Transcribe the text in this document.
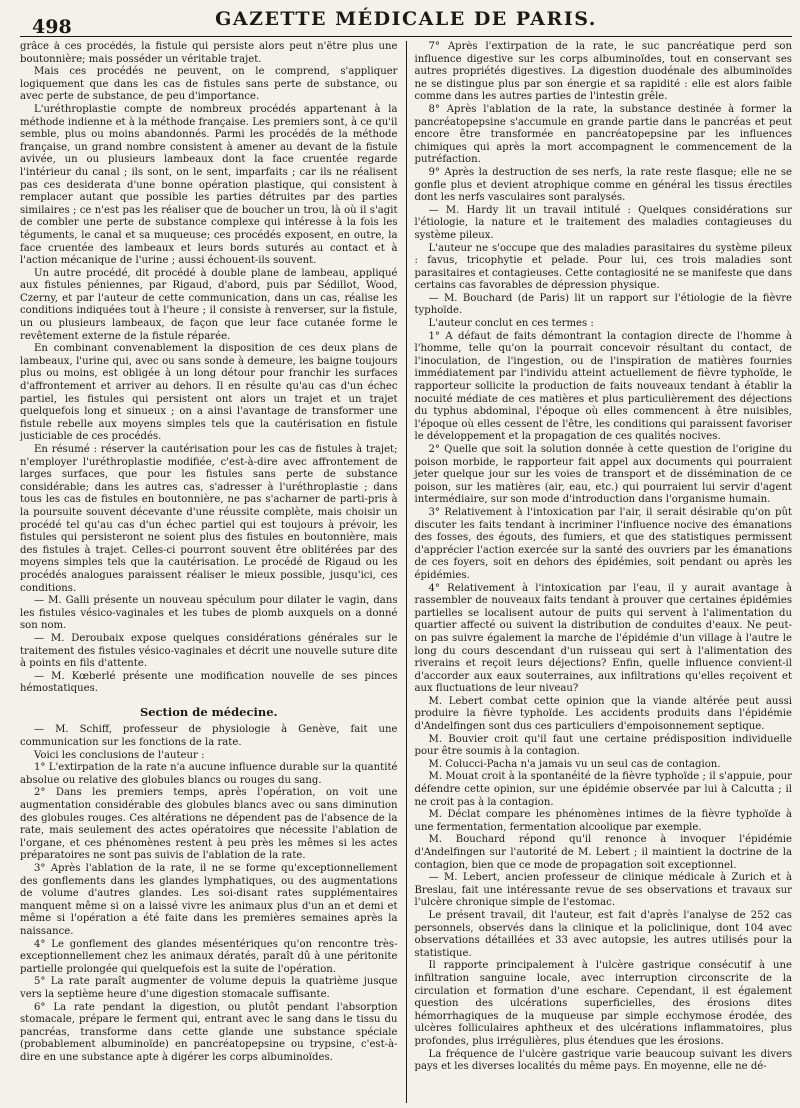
498	GAZETTE MÉDICALE DE PARIS.

grâce à ces procédés, la fistule qui persiste alors peut n'être plus une boutonnière; mais posséder un véritable trajet.

Mais ces procédés ne peuvent, on le comprend, s'appliquer logiquement que dans les cas de fistules sans perte de substance, ou avec perte de substance, de peu d'importance.

L'uréthroplastie compte de nombreux procédés appartenant à la méthode indienne et à la méthode française. Les premiers sont, à ce qu'il semble, plus ou moins abandonnés. Parmi les procédés de la méthode française, un grand nombre consistent à amener au devant de la fistule avivée, un ou plusieurs lambeaux dont la face cruentée regarde l'intérieur du canal ; ils sont, on le sent, imparfaits ; car ils ne réalisent pas ces desiderata d'une bonne opération plastique, qui consistent à remplacer autant que possible les parties détruites par des parties similaires ; ce n'est pas les réaliser que de boucher un trou, là où il s'agit de combler une perte de substance complexe qui intéresse à la fois les téguments, le canal et sa muqueuse; ces procédés exposent, en outre, la face cruentée des lambeaux et leurs bords suturés au contact et à l'action mécanique de l'urine ; aussi échouent-ils souvent.

Un autre procédé, dit procédé à double plane de lambeau, appliqué aux fistules péniennes, par Rigaud, d'abord, puis par Sédillot, Wood, Czerny, et par l'auteur de cette communication, dans un cas, réalise les conditions indiquées tout à l'heure ; il consiste à renverser, sur la fistule, un ou plusieurs lambeaux, de façon que leur face cutanée forme le revêtement externe de la fistule réparée.

En combinant convenablement la disposition de ces deux plans de lambeaux, l'urine qui, avec ou sans sonde à demeure, les baigne toujours plus ou moins, est obligée à un long détour pour franchir les surfaces d'affrontement et arriver au dehors. Il en résulte qu'au cas d'un échec partiel, les fistules qui persistent ont alors un trajet et un trajet quelquefois long et sinueux ; on a ainsi l'avantage de transformer une fistule rebelle aux moyens simples tels que la cautérisation en fistule justiciable de ces procédés.

En résumé : réserver la cautérisation pour les cas de fistules à trajet; n'employer l'uréthroplastie modifiée, c'est-à-dire avec affrontement de larges surfaces, que pour les fistules sans perte de substance considérable; dans les autres cas, s'adresser à l'uréthroplastie ; dans tous les cas de fistules en boutonnière, ne pas s'acharner de parti-pris à la poursuite souvent décevante d'une réussite complète, mais choisir un procédé tel qu'au cas d'un échec partiel qui est toujours à prévoir, les fistules qui persisteront ne soient plus des fistules en boutonnière, mais des fistules à trajet. Celles-ci pourront souvent être oblitérées par des moyens simples tels que la cautérisation. Le procédé de Rigaud ou les procédés analogues paraissent réaliser le mieux possible, jusqu'ici, ces conditions.

— M. Galli présente un nouveau spéculum pour dilater le vagin, dans les fistules vésico-vaginales et les tubes de plomb auxquels on a donné son nom.

— M. Deroubaix expose quelques considérations générales sur le traitement des fistules vésico-vaginales et décrit une nouvelle suture dite à points en fils d'attente.

— M. Kœberlé présente une modification nouvelle de ses pinces hémostatiques.

Section de médecine.

— M. Schiff, professeur de physiologie à Genève, fait une communication sur les fonctions de la rate.

Voici les conclusions de l'auteur :

1° L'extirpation de la rate n'a aucune influence durable sur la quantité absolue ou relative des globules blancs ou rouges du sang.

2° Dans les premiers temps, après l'opération, on voit une augmentation considérable des globules blancs avec ou sans diminution des globules rouges. Ces altérations ne dépendent pas de l'absence de la rate, mais seulement des actes opératoires que nécessite l'ablation de l'organe, et ces phénomènes restent à peu près les mêmes si les actes préparatoires ne sont pas suivis de l'ablation de la rate.

3° Après l'ablation de la rate, il ne se forme qu'exceptionnellement des gonflements dans les glandes lymphatiques, ou des augmentations de volume d'autres glandes. Les soi-disant rates supplémentaires manquent même si on a laissé vivre les animaux plus d'un an et demi et même si l'opération a été faite dans les premières semaines après la naissance.

4° Le gonflement des glandes mésentériques qu'on rencontre très-exceptionnellement chez les animaux dératés, paraît dû à une péritonite partielle prolongée qui quelquefois est la suite de l'opération.

5° La rate paraît augmenter de volume depuis la quatrième jusque vers la septième heure d'une digestion stomacale suffisante.

6° La rate pendant la digestion, ou plutôt pendant l'absorption stomacale, prépare le ferment qui, entrant avec le sang dans le tissu du pancréas, transforme dans cette glande une substance spéciale (probablement albuminoïde) en pancréatopepsine ou trypsine, c'est-à-dire en une substance apte à digérer les corps albuminoïdes.

7° Après l'extirpation de la rate, le suc pancréatique perd son influence digestive sur les corps albuminoïdes, tout en conservant ses autres propriétés digestives. La digestion duodénale des albuminoïdes ne se distingue plus par son énergie et sa rapidité : elle est alors faible comme dans les autres parties de l'intestin grêle.

8° Après l'ablation de la rate, la substance destinée à former la pancréatopepsine s'accumule en grande partie dans le pancréas et peut encore être transformée en pancréatopepsine par les influences chimiques qui après la mort accompagnent le commencement de la putréfaction.

9° Après la destruction de ses nerfs, la rate reste flasque; elle ne se gonfle plus et devient atrophique comme en général les tissus érectiles dont les nerfs vasculaires sont paralysés.

— M. Hardy lit un travail intitulé : Quelques considérations sur l'étiologie, la nature et le traitement des maladies contagieuses du système pileux.

L'auteur ne s'occupe que des maladies parasitaires du système pileux : favus, tricophytie et pelade. Pour lui, ces trois maladies sont parasitaires et contagieuses. Cette contagiosité ne se manifeste que dans certains cas favorables de dépression physique.

— M. Bouchard (de Paris) lit un rapport sur l'étiologie de la fièvre typhoïde.

L'auteur conclut en ces termes :

1° A défaut de faits démontrant la contagion directe de l'homme à l'homme, telle qu'on la pourrait concevoir résultant du contact, de l'inoculation, de l'ingestion, ou de l'inspiration de matières fournies immédiatement par l'individu atteint actuellement de fièvre typhoïde, le rapporteur sollicite la production de faits nouveaux tendant à établir la nocuité médiate de ces matières et plus particulièrement des déjections du typhus abdominal, l'époque où elles commencent à être nuisibles, l'époque où elles cessent de l'être, les conditions qui paraissent favoriser le développement et la propagation de ces qualités nocives.

2° Quelle que soit la solution donnée à cette question de l'origine du poison morbide, le rapporteur fait appel aux documents qui pourraient jeter quelque jour sur les voies de transport et de dissémination de ce poison, sur les matières (air, eau, etc.) qui pourraient lui servir d'agent intermédiaire, sur son mode d'introduction dans l'organisme humain.

3° Relativement à l'intoxication par l'air, il serait désirable qu'on pût discuter les faits tendant à incriminer l'influence nocive des émanations des fosses, des égouts, des fumiers, et que des statistiques permissent d'apprécier l'action exercée sur la santé des ouvriers par les émanations de ces foyers, soit en dehors des épidémies, soit pendant ou après les épidémies.

4° Relativement à l'intoxication par l'eau, il y aurait avantage à rassembler de nouveaux faits tendant à prouver que certaines épidémies partielles se localisent autour de puits qui servent à l'alimentation du quartier affecté ou suivent la distribution de conduites d'eaux. Ne peut-on pas suivre également la marche de l'épidémie d'un village à l'autre le long du cours descendant d'un ruisseau qui sert à l'alimentation des riverains et reçoit leurs déjections? Enfin, quelle influence convient-il d'accorder aux eaux souterraines, aux infiltrations qu'elles reçoivent et aux fluctuations de leur niveau?

M. Lebert combat cette opinion que la viande altérée peut aussi produire la fièvre typhoïde. Les accidents produits dans l'épidémie d'Andelfingen sont dus ces particuliers d'empoisonnement septique.

M. Bouvier croit qu'il faut une certaine prédisposition individuelle pour être soumis à la contagion.

M. Colucci-Pacha n'a jamais vu un seul cas de contagion.

M. Mouat croit à la spontanéité de la fièvre typhoïde ; il s'appuie, pour défendre cette opinion, sur une épidémie observée par lui à Calcutta ; il ne croit pas à la contagion.

M. Déclat compare les phénomènes intimes de la fièvre typhoïde à une fermentation, fermentation alcoolique par exemple.

M. Bouchard répond qu'il renonce à invoquer l'épidémie d'Andelfingen sur l'autorité de M. Lebert ; il maintient la doctrine de la contagion, bien que ce mode de propagation soit exceptionnel.

— M. Lebert, ancien professeur de clinique médicale à Zurich et à Breslau, fait une intéressante revue de ses observations et travaux sur l'ulcère chronique simple de l'estomac.

Le présent travail, dit l'auteur, est fait d'après l'analyse de 252 cas personnels, observés dans la clinique et la policlinique, dont 104 avec observations détaillées et 33 avec autopsie, les autres utilisés pour la statistique.

Il rapporte principalement à l'ulcère gastrique consécutif à une infiltration sanguine locale, avec interruption circonscrite de la circulation et formation d'une eschare. Cependant, il est également question des ulcérations superficielles, des érosions dites hémorrhagiques de la muqueuse par simple ecchymose érodée, des ulcères folliculaires aphtheux et des ulcérations inflammatoires, plus profondes, plus irrégulières, plus étendues que les érosions.

La fréquence de l'ulcère gastrique varie beaucoup suivant les divers pays et les diverses localités du même pays. En moyenne, elle ne dé-
